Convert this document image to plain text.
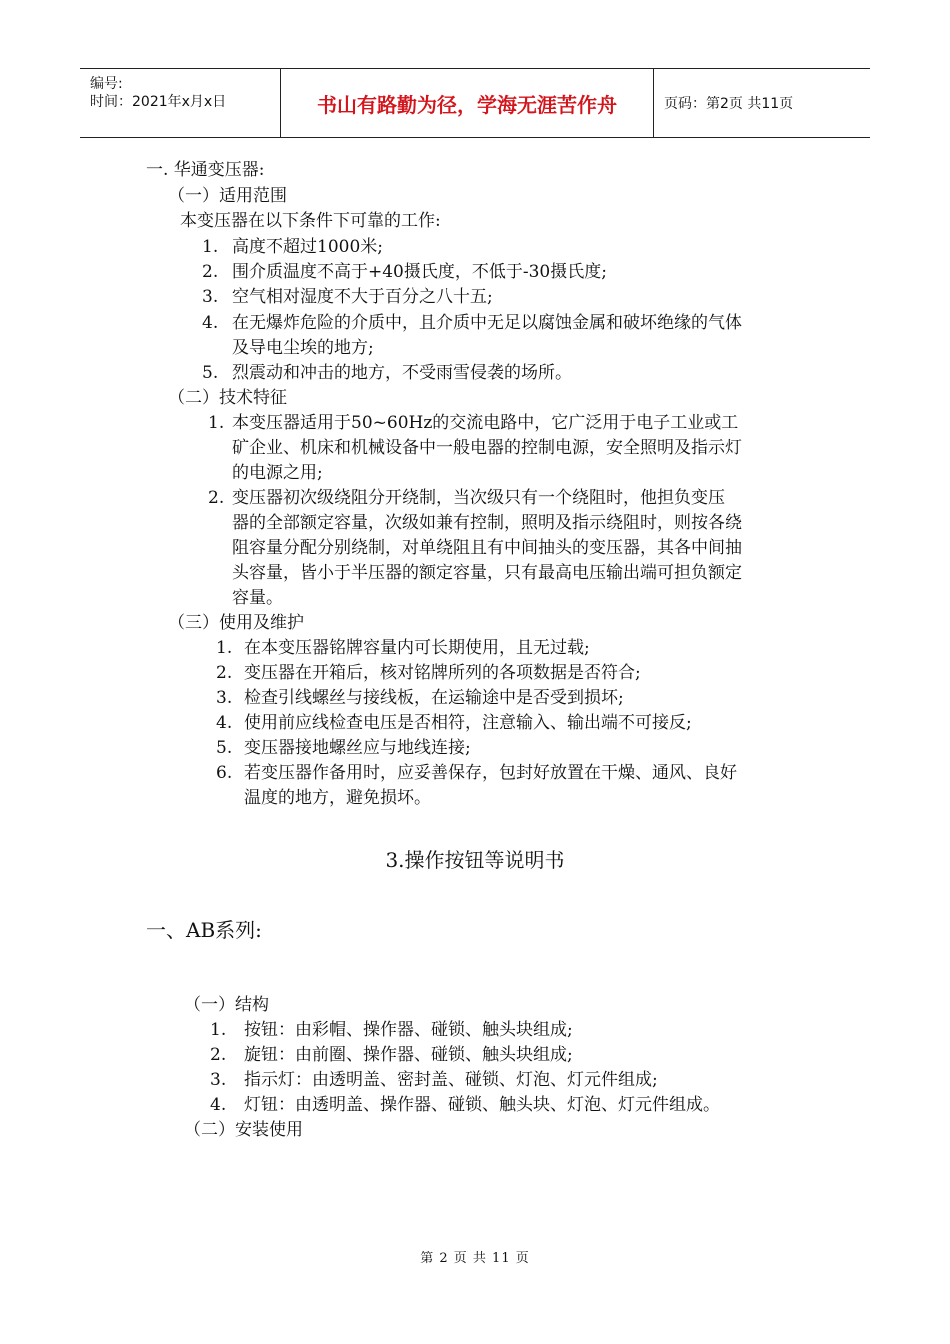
编号:
时间：2021年x月x日	书山有路勤为径，学海无涯苦作舟	页码：第2页 共11页
一. 华通变压器:
（一）适用范围
本变压器在以下条件下可靠的工作:
1. 高度不超过1000米;
2. 围介质温度不高于+40摄氏度，不低于-30摄氏度;
3. 空气相对湿度不大于百分之八十五;
4. 在无爆炸危险的介质中，且介质中无足以腐蚀金属和破坏绝缘的气体
及导电尘埃的地方;
5. 烈震动和冲击的地方，不受雨雪侵袭的场所。
（二）技术特征
1. 本变压器适用于50~60Hz的交流电路中，它广泛用于电子工业或工
矿企业、机床和机械设备中一般电器的控制电源，安全照明及指示灯
的电源之用;
2. 变压器初次级绕阻分开绕制，当次级只有一个绕阻时，他担负变压
器的全部额定容量，次级如兼有控制，照明及指示绕阻时，则按各绕
阻容量分配分别绕制，对单绕阻且有中间抽头的变压器，其各中间抽
头容量，皆小于半压器的额定容量，只有最高电压输出端可担负额定
容量。
（三）使用及维护
1. 在本变压器铭牌容量内可长期使用，且无过载;
2. 变压器在开箱后，核对铭牌所列的各项数据是否符合;
3. 检查引线螺丝与接线板，在运输途中是否受到损坏;
4. 使用前应线检查电压是否相符，注意输入、输出端不可接反;
5. 变压器接地螺丝应与地线连接;
6. 若变压器作备用时，应妥善保存，包封好放置在干燥、通风、良好
温度的地方，避免损坏。
3.操作按钮等说明书
一、AB系列:
（一）结构
1. 按钮：由彩帽、操作器、碰锁、触头块组成;
2. 旋钮：由前圈、操作器、碰锁、触头块组成;
3. 指示灯：由透明盖、密封盖、碰锁、灯泡、灯元件组成;
4. 灯钮：由透明盖、操作器、碰锁、触头块、灯泡、灯元件组成。
（二）安装使用
第 2 页 共 11 页
